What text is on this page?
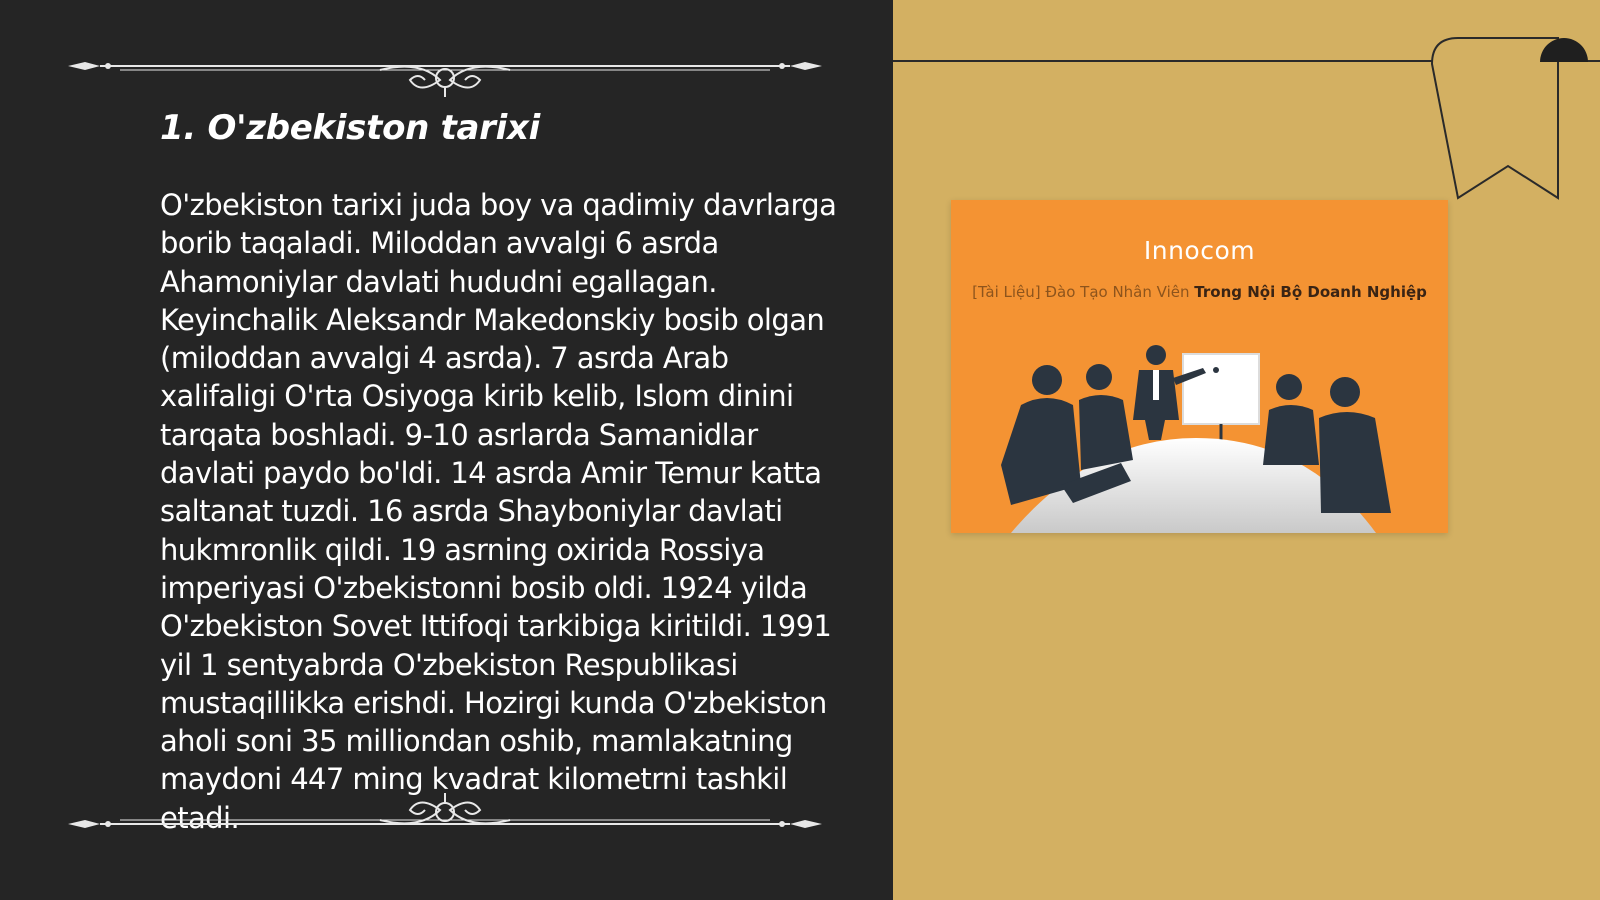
1. O'zbekiston tarixi

O'zbekiston tarixi juda boy va qadimiy davrlarga borib taqaladi. Miloddan avvalgi 6 asrda Ahamoniylar davlati hududni egallagan. Keyinchalik Aleksandr Makedonskiy bosib olgan (miloddan avvalgi 4 asrda). 7 asrda Arab xalifaligi O'rta Osiyoga kirib kelib, Islom dinini tarqata boshladi. 9-10 asrlarda Samanidlar davlati paydo bo'ldi. 14 asrda Amir Temur katta saltanat tuzdi. 16 asrda Shayboniylar davlati hukmronlik qildi. 19 asrning oxirida Rossiya imperiyasi O'zbekistonni bosib oldi. 1924 yilda O'zbekiston Sovet Ittifoqi tarkibiga kiritildi. 1991 yil 1 sentyabrda O'zbekiston Respublikasi mustaqillikka erishdi. Hozirgi kunda O'zbekiston aholi soni 35 milliondan oshib, mamlakatning maydoni 447 ming kvadrat kilometrni tashkil etadi.

Innocom
[Tài Liệu] Đào Tạo Nhân Viên Trong Nội Bộ Doanh Nghiệp
